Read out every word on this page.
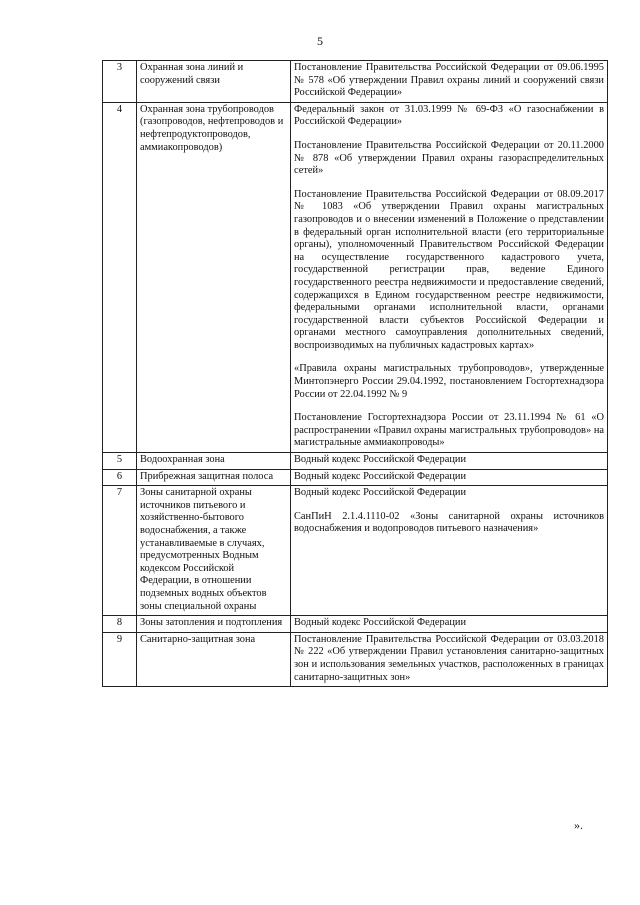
5
3	Охранная зона линий и сооружений связи	Постановление Правительства Российской Федерации от 09.06.1995 № 578 «Об утверждении Правил охраны линий и сооружений связи Российской Федерации»

4	Охранная зона трубопроводов (газопроводов, нефтепроводов и нефтепродуктопроводов, аммиакопроводов)	Федеральный закон от 31.03.1999 № 69-ФЗ «О газоснабжении в Российской Федерации»

Постановление Правительства Российской Федерации от 20.11.2000 № 878 «Об утверждении Правил охраны газораспределительных сетей»

Постановление Правительства Российской Федерации от 08.09.2017 № 1083 «Об утверждении Правил охраны магистральных газопроводов и о внесении изменений в Положение о представлении в федеральный орган исполнительной власти (его территориальные органы), уполномоченный Правительством Российской Федерации на осуществление государственного кадастрового учета, государственной регистрации прав, ведение Единого государственного реестра недвижимости и предоставление сведений, содержащихся в Едином государственном реестре недвижимости, федеральными органами исполнительной власти, органами государственной власти субъектов Российской Федерации и органами местного самоуправления дополнительных сведений, воспроизводимых на публичных кадастровых картах»

«Правила охраны магистральных трубопроводов», утвержденные Минтопэнерго России 29.04.1992, постановлением Госгортехнадзора России от 22.04.1992 № 9

Постановление Госгортехнадзора России от 23.11.1994 № 61 «О распространении «Правил охраны магистральных трубопроводов» на магистральные аммиакопроводы»

5	Водоохранная зона	Водный кодекс Российской Федерации

6	Прибрежная защитная полоса	Водный кодекс Российской Федерации

7	Зоны санитарной охраны источников питьевого и хозяйственно-бытового водоснабжения, а также устанавливаемые в случаях, предусмотренных Водным кодексом Российской Федерации, в отношении подземных водных объектов зоны специальной охраны	Водный кодекс Российской Федерации

СанПиН 2.1.4.1110-02 «Зоны санитарной охраны источников водоснабжения и водопроводов питьевого назначения»

8	Зоны затопления и подтопления	Водный кодекс Российской Федерации

9	Санитарно-защитная зона	Постановление Правительства Российской Федерации от 03.03.2018 № 222 «Об утверждении Правил установления санитарно-защитных зон и использования земельных участков, расположенных в границах санитарно-защитных зон»

».
